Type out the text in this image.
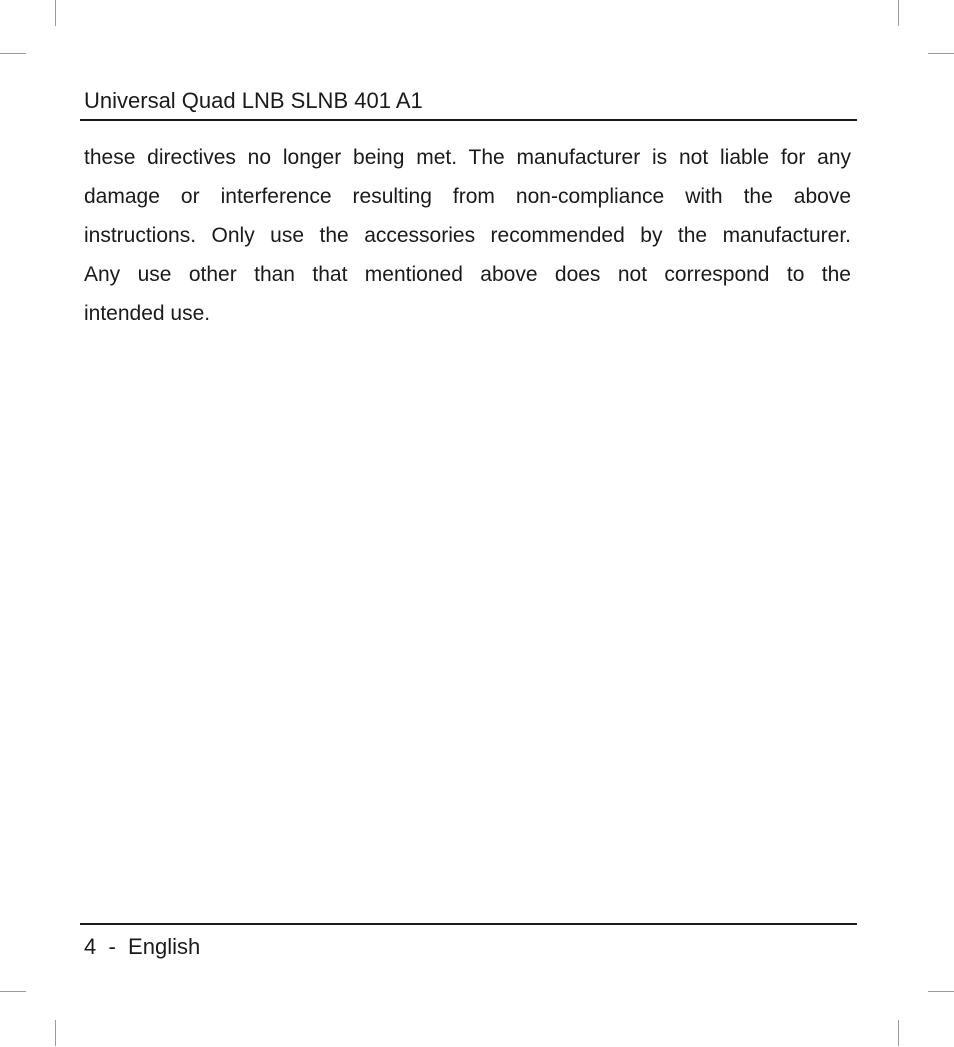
Universal Quad LNB SLNB 401 A1
these directives no longer being met. The manufacturer is not liable for any
damage or interference resulting from non-compliance with the above
instructions. Only use the accessories recommended by the manufacturer.
Any use other than that mentioned above does not correspond to the
intended use.
4 - English
